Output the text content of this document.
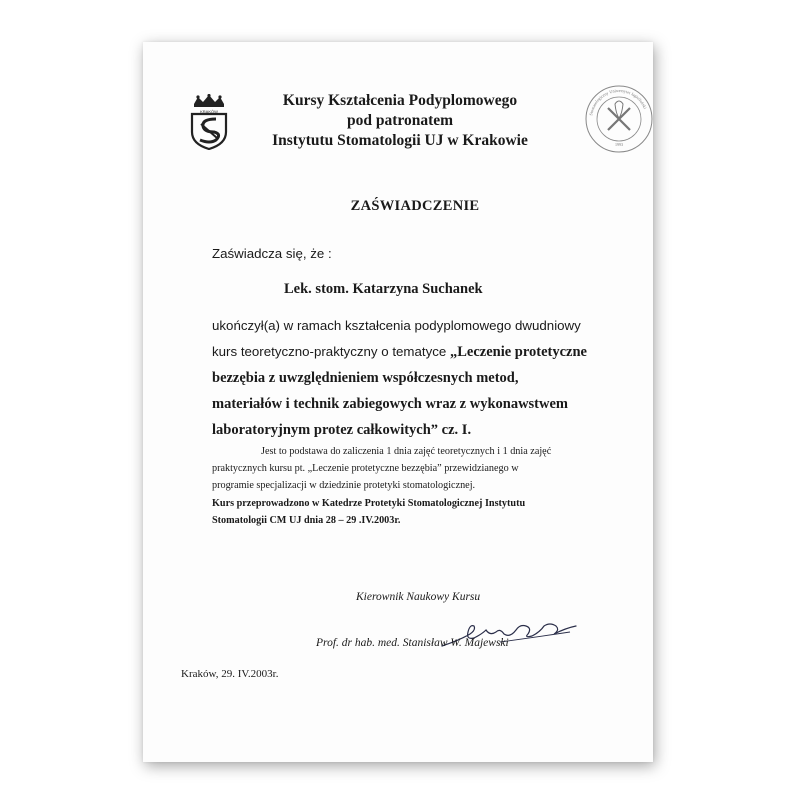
KRAKÓW
Stomatologiczny Uniwersytet Jagielloński
1993
Kursy Kształcenia Podyplomowego
pod patronatem
Instytutu Stomatologii UJ w Krakowie
ZAŚWIADCZENIE
Zaświadcza się, że :
Lek. stom. Katarzyna Suchanek
ukończył(a) w ramach kształcenia podyplomowego dwudniowy
kurs teoretyczno-praktyczny o tematyce „Leczenie protetyczne
bezzębia z uwzględnieniem współczesnych metod,
materiałów i technik zabiegowych wraz z wykonawstwem
laboratoryjnym protez całkowitych” cz. I.
Jest to podstawa do zaliczenia 1 dnia zajęć teoretycznych i 1 dnia zajęć
praktycznych kursu pt. „Leczenie protetyczne bezzębia” przewidzianego w
programie specjalizacji w dziedzinie protetyki stomatologicznej.
Kurs przeprowadzono w Katedrze Protetyki Stomatologicznej Instytutu
Stomatologii CM UJ dnia 28 – 29 .IV.2003r.
Kierownik Naukowy Kursu
Prof. dr hab. med. Stanisław W. Majewski
Kraków, 29. IV.2003r.
